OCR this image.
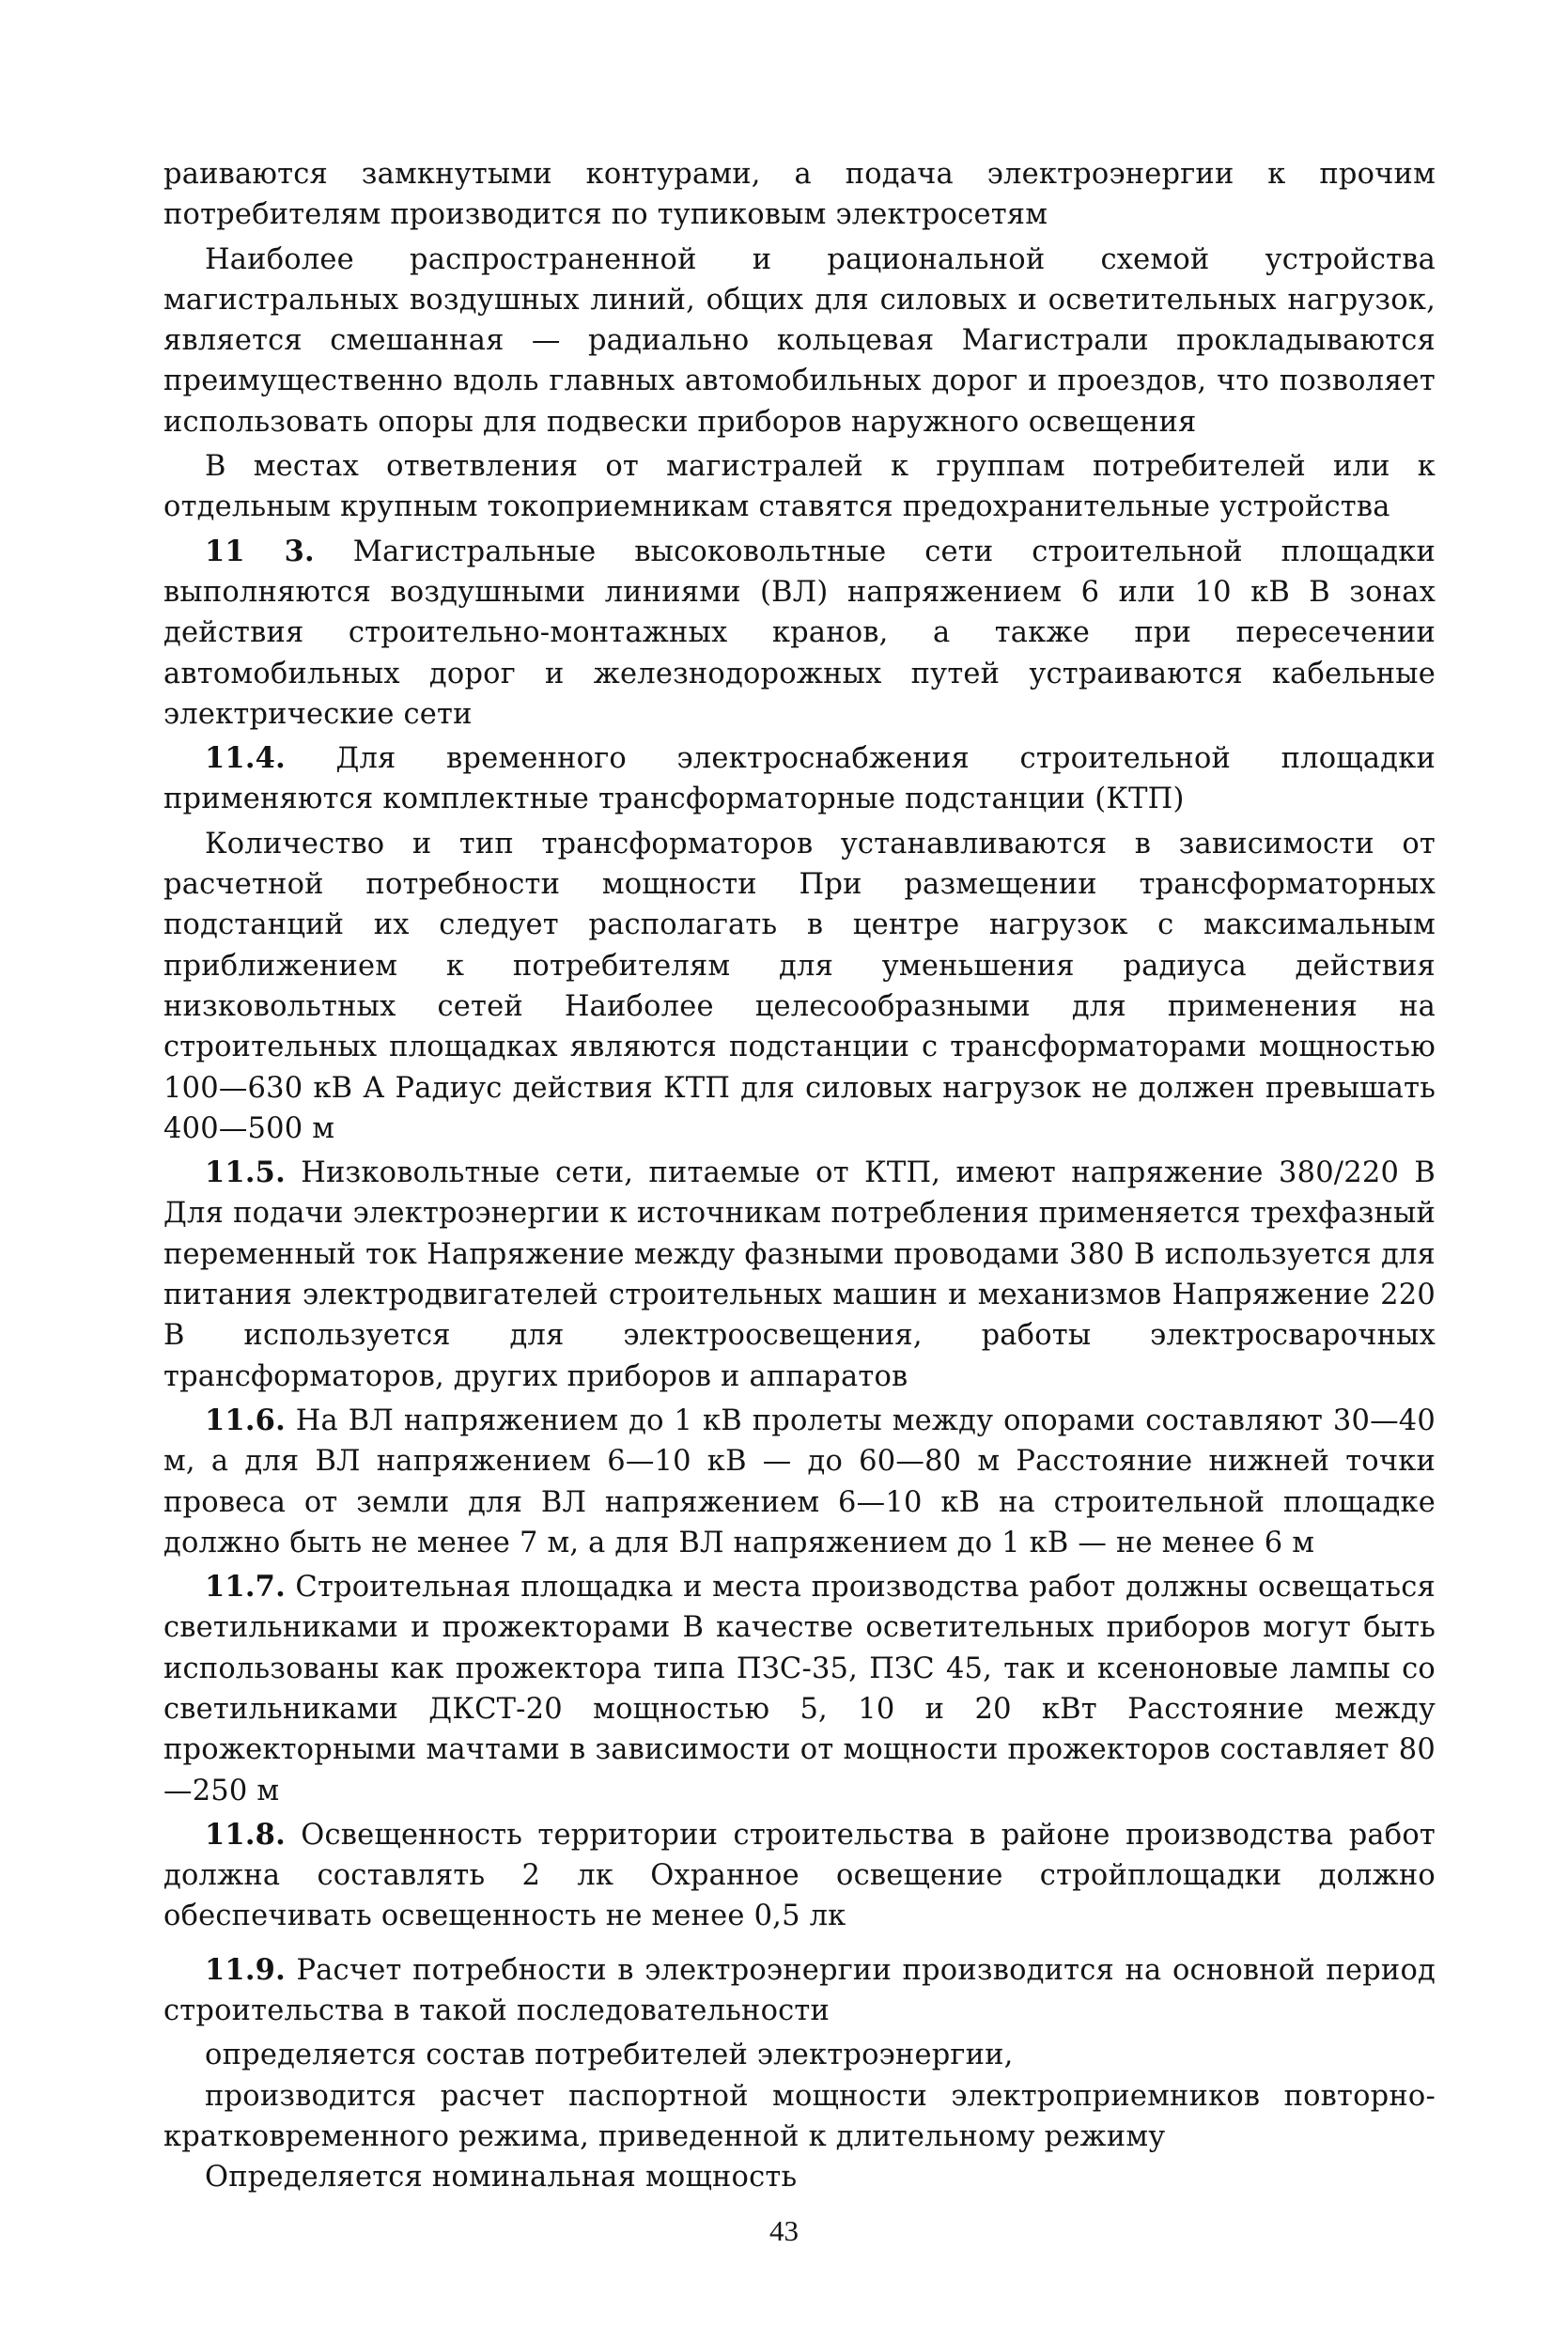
раиваются замкнутыми контурами, а подача электроэнергии к прочим потребителям производится по тупиковым электросетям

Наиболее распространенной и рациональной схемой устройства магистральных воздушных линий, общих для силовых и осветительных нагрузок, является смешанная — радиально кольцевая Магистрали прокладываются преимущественно вдоль главных автомобильных дорог и проездов, что позволяет использовать опоры для подвески приборов наружного освещения

В местах ответвления от магистралей к группам потребителей или к отдельным крупным токоприемникам ставятся предохранительные устройства

11 3. Магистральные высоковольтные сети строительной площадки выполняются воздушными линиями (ВЛ) напряжением 6 или 10 кВ В зонах действия строительно-монтажных кранов, а также при пересечении автомобильных дорог и железнодорожных путей устраиваются кабельные электрические сети

11.4. Для временного электроснабжения строительной площадки применяются комплектные трансформаторные подстанции (КТП)

Количество и тип трансформаторов устанавливаются в зависимости от расчетной потребности мощности При размещении трансформаторных подстанций их следует располагать в центре нагрузок с максимальным приближением к потребителям для уменьшения радиуса действия низковольтных сетей Наиболее целесообразными для применения на строительных площадках являются подстанции с трансформаторами мощностью 100—630 кВ А Радиус действия КТП для силовых нагрузок не должен превышать 400—500 м

11.5. Низковольтные сети, питаемые от КТП, имеют напряжение 380/220 В Для подачи электроэнергии к источникам потребления применяется трехфазный переменный ток Напряжение между фазными проводами 380 В используется для питания электродвигателей строительных машин и механизмов Напряжение 220 В используется для электроосвещения, работы электросварочных трансформаторов, других приборов и аппаратов

11.6. На ВЛ напряжением до 1 кВ пролеты между опорами составляют 30—40 м, а для ВЛ напряжением 6—10 кВ — до 60—80 м Расстояние нижней точки провеса от земли для ВЛ напряжением 6—10 кВ на строительной площадке должно быть не менее 7 м, а для ВЛ напряжением до 1 кВ — не менее 6 м

11.7. Строительная площадка и места производства работ должны освещаться светильниками и прожекторами В качестве осветительных приборов могут быть использованы как прожектора типа ПЗС-35, ПЗС 45, так и ксеноновые лампы со светильниками ДКСТ-20 мощностью 5, 10 и 20 кВт Расстояние между прожекторными мачтами в зависимости от мощности прожекторов составляет 80—250 м

11.8. Освещенность территории строительства в районе производства работ должна составлять 2 лк Охранное освещение стройплощадки должно обеспечивать освещенность не менее 0,5 лк

11.9. Расчет потребности в электроэнергии производится на основной период строительства в такой последовательности

определяется состав потребителей электроэнергии,

производится расчет паспортной мощности электроприемников повторно-кратковременного режима, приведенной к длительному режиму

Определяется номинальная мощность

43
